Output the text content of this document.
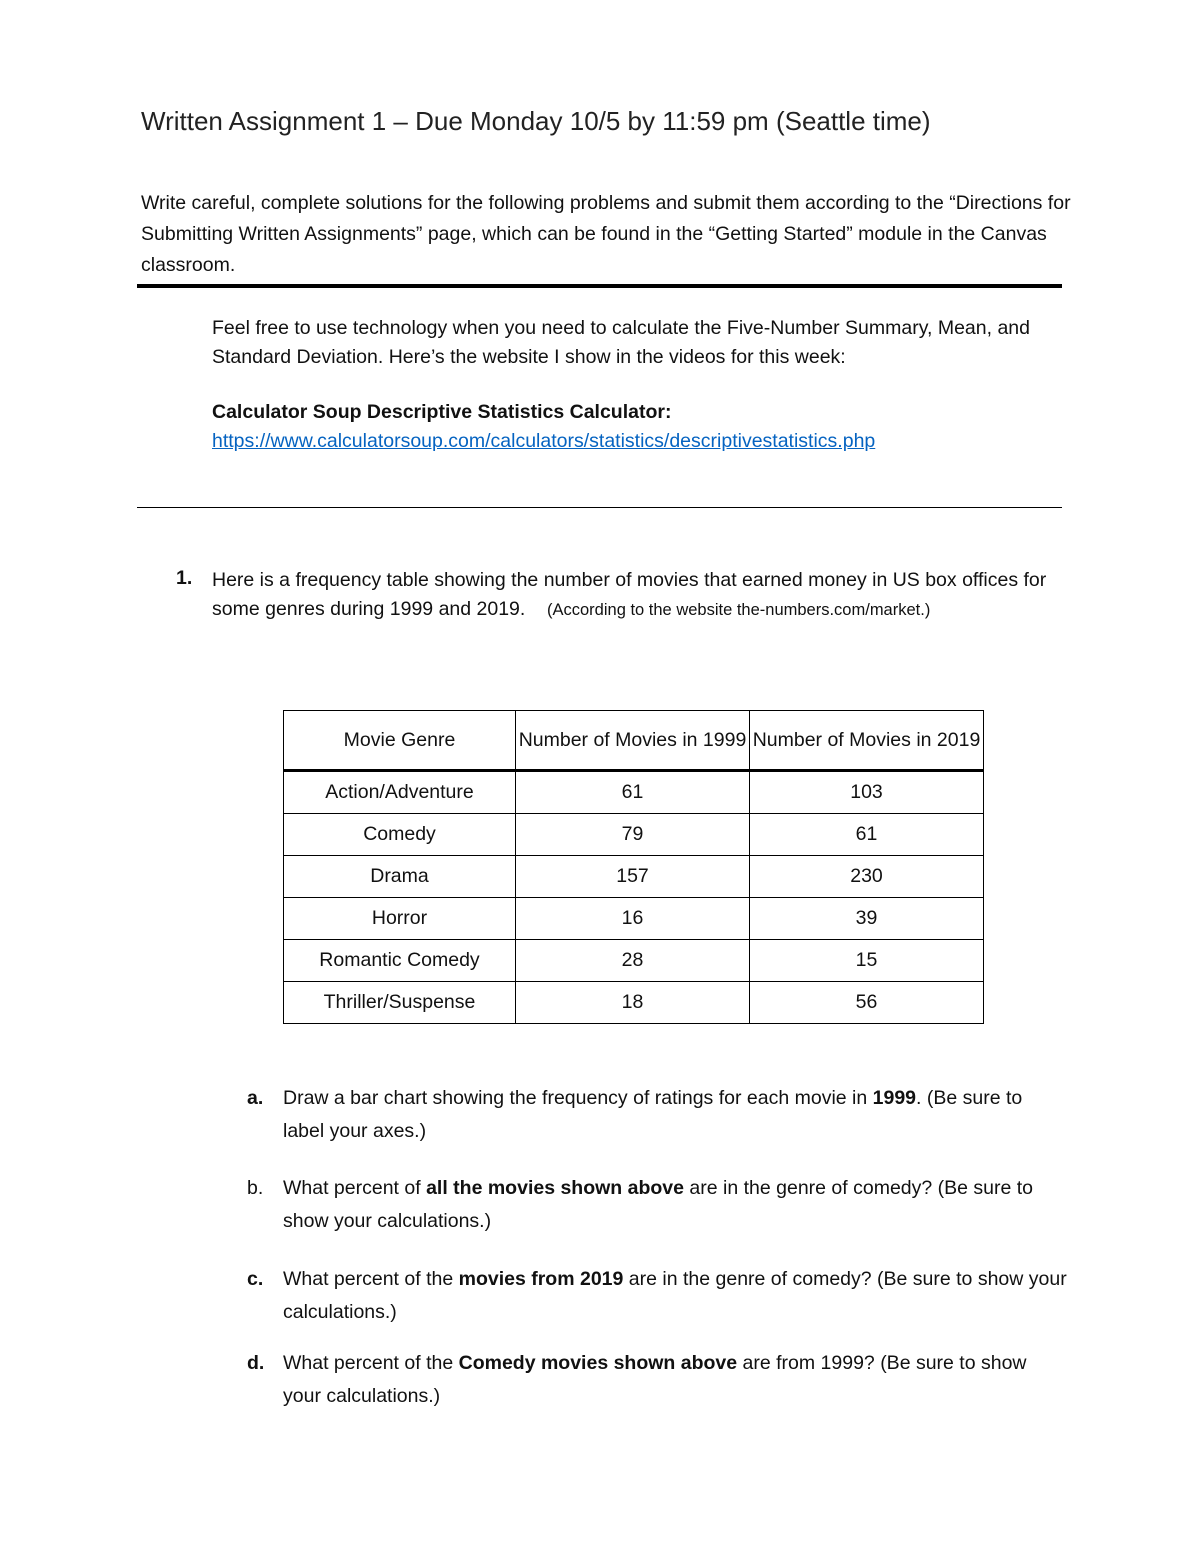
Written Assignment 1 – Due Monday 10/5 by 11:59 pm (Seattle time)
Write careful, complete solutions for the following problems and submit them according to the “Directions for Submitting Written Assignments” page, which can be found in the “Getting Started” module in the Canvas classroom.
Feel free to use technology when you need to calculate the Five-Number Summary, Mean, and Standard Deviation. Here’s the website I show in the videos for this week:
Calculator Soup Descriptive Statistics Calculator:
https://www.calculatorsoup.com/calculators/statistics/descriptivestatistics.php
1. Here is a frequency table showing the number of movies that earned money in US box offices for some genres during 1999 and 2019. (According to the website the-numbers.com/market.)
Movie Genre	Number of Movies in 1999	Number of Movies in 2019
Action/Adventure	61	103
Comedy	79	61
Drama	157	230
Horror	16	39
Romantic Comedy	28	15
Thriller/Suspense	18	56
a. Draw a bar chart showing the frequency of ratings for each movie in 1999. (Be sure to label your axes.)
b. What percent of all the movies shown above are in the genre of comedy? (Be sure to show your calculations.)
c. What percent of the movies from 2019 are in the genre of comedy? (Be sure to show your calculations.)
d. What percent of the Comedy movies shown above are from 1999? (Be sure to show your calculations.)
